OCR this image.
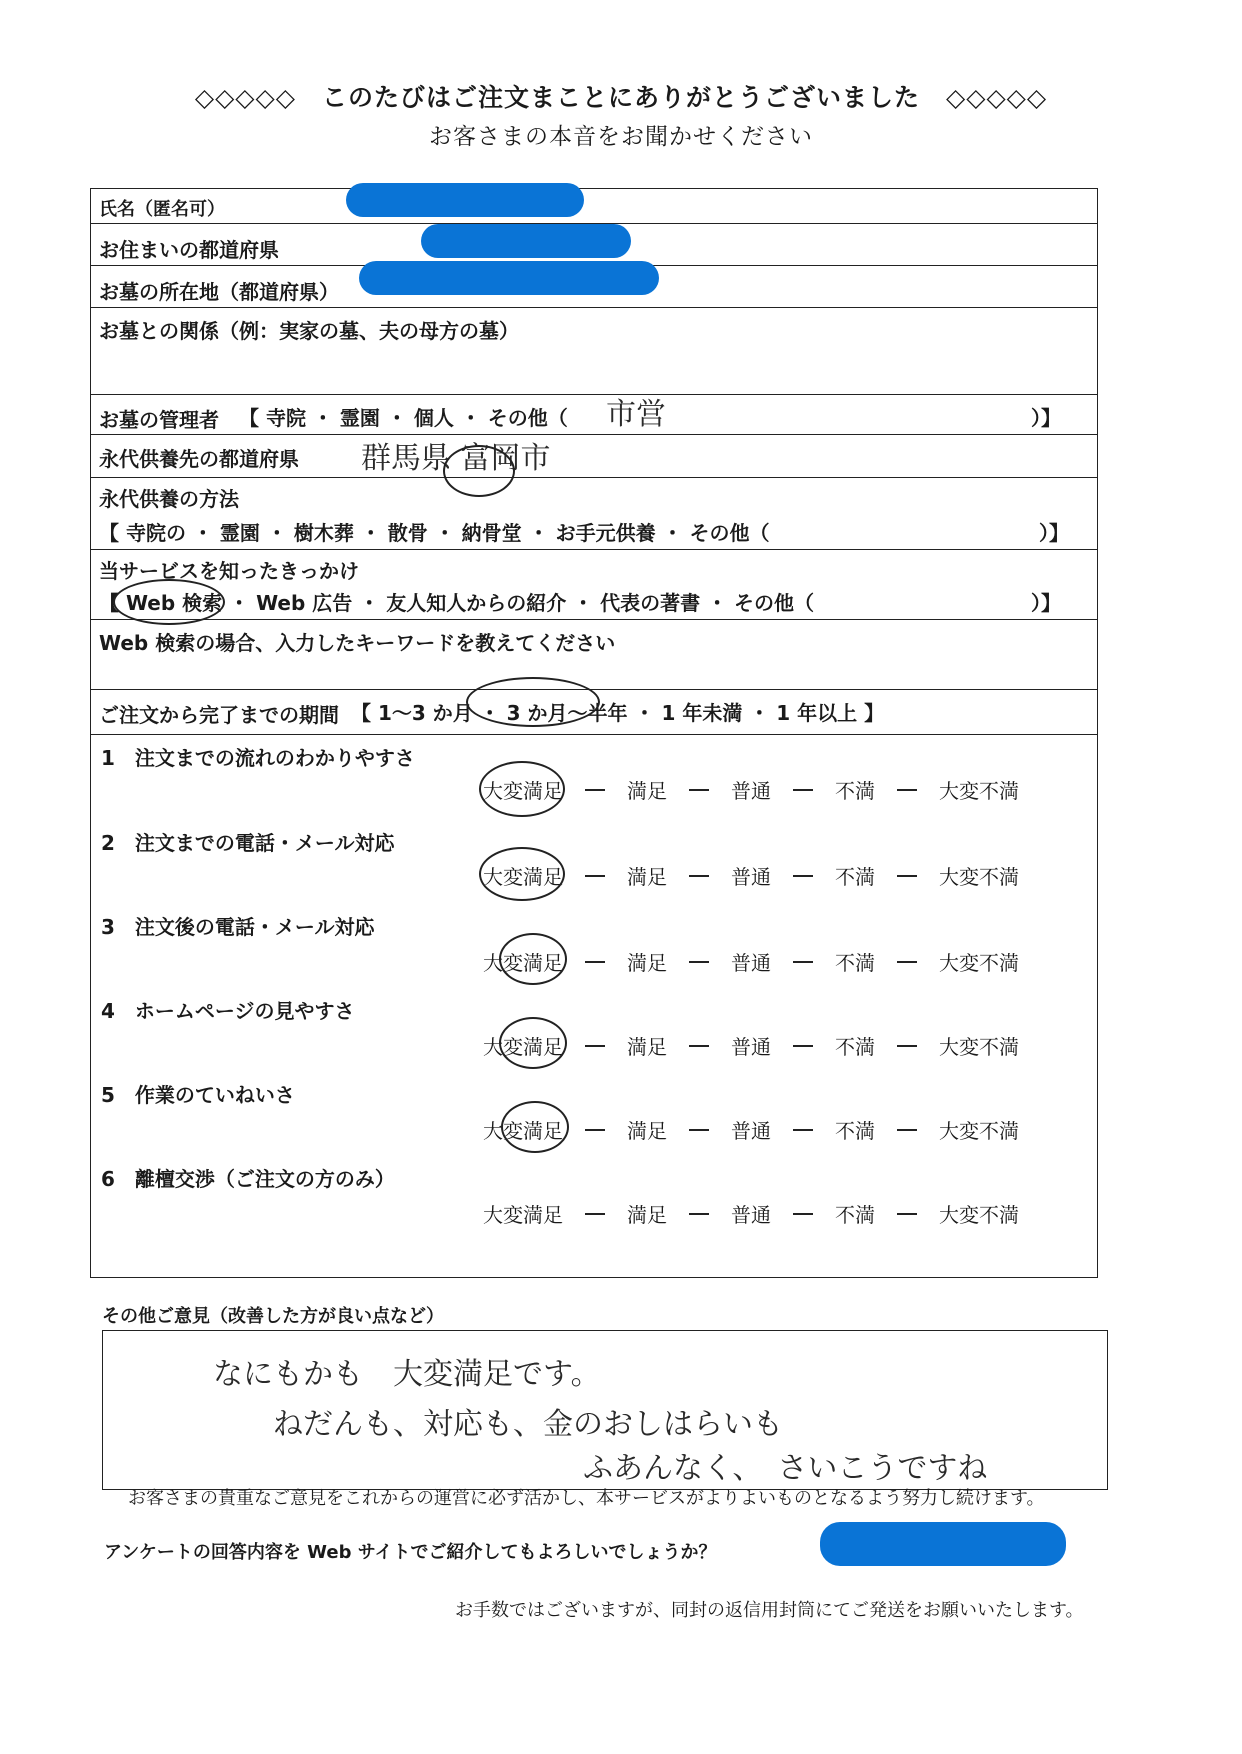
◇◇◇◇◇　このたびはご注文まことにありがとうございました　◇◇◇◇◇
お客さまの本音をお聞かせください
氏名（匿名可）
お住まいの都道府県
お墓の所在地（都道府県）
お墓との関係（例：実家の墓、夫の母方の墓）
お墓の管理者 【 寺院 ・ 霊園 ・ 個人 ・ その他（ 市営	）】
永代供養先の都道府県 群馬県 富岡市
永代供養の方法
【 寺院の ・ 霊園 ・ 樹木葬 ・ 散骨 ・ 納骨堂 ・ お手元供養 ・ その他（	）】
当サービスを知ったきっかけ
【 Web 検索 ・ Web 広告 ・ 友人知人からの紹介 ・ 代表の著書 ・ その他（	）】
Web 検索の場合、入力したキーワードを教えてください
ご注文から完了までの期間 【 1〜3 か月 ・ 3 か月〜半年 ・ 1 年未満 ・ 1 年以上 】
1　注文までの流れのわかりやすさ
大変満足	満足	普通	不満	大変不満
2　注文までの電話・メール対応
大変満足	満足	普通	不満	大変不満
3　注文後の電話・メール対応
大変満足	満足	普通	不満	大変不満
4　ホームページの見やすさ
大変満足	満足	普通	不満	大変不満
5　作業のていねいさ
大変満足	満足	普通	不満	大変不満
6　離檀交渉（ご注文の方のみ）
大変満足	満足	普通	不満	大変不満
その他ご意見（改善した方が良い点など）
なにもかも　大変満足です。
ねだんも、対応も、金のおしはらいも
ふあんなく、　さいこうですね
お客さまの貴重なご意見をこれからの運営に必ず活かし、本サービスがよりよいものとなるよう努力し続けます。
アンケートの回答内容を Web サイトでご紹介してもよろしいでしょうか？
お手数ではございますが、同封の返信用封筒にてご発送をお願いいたします。
